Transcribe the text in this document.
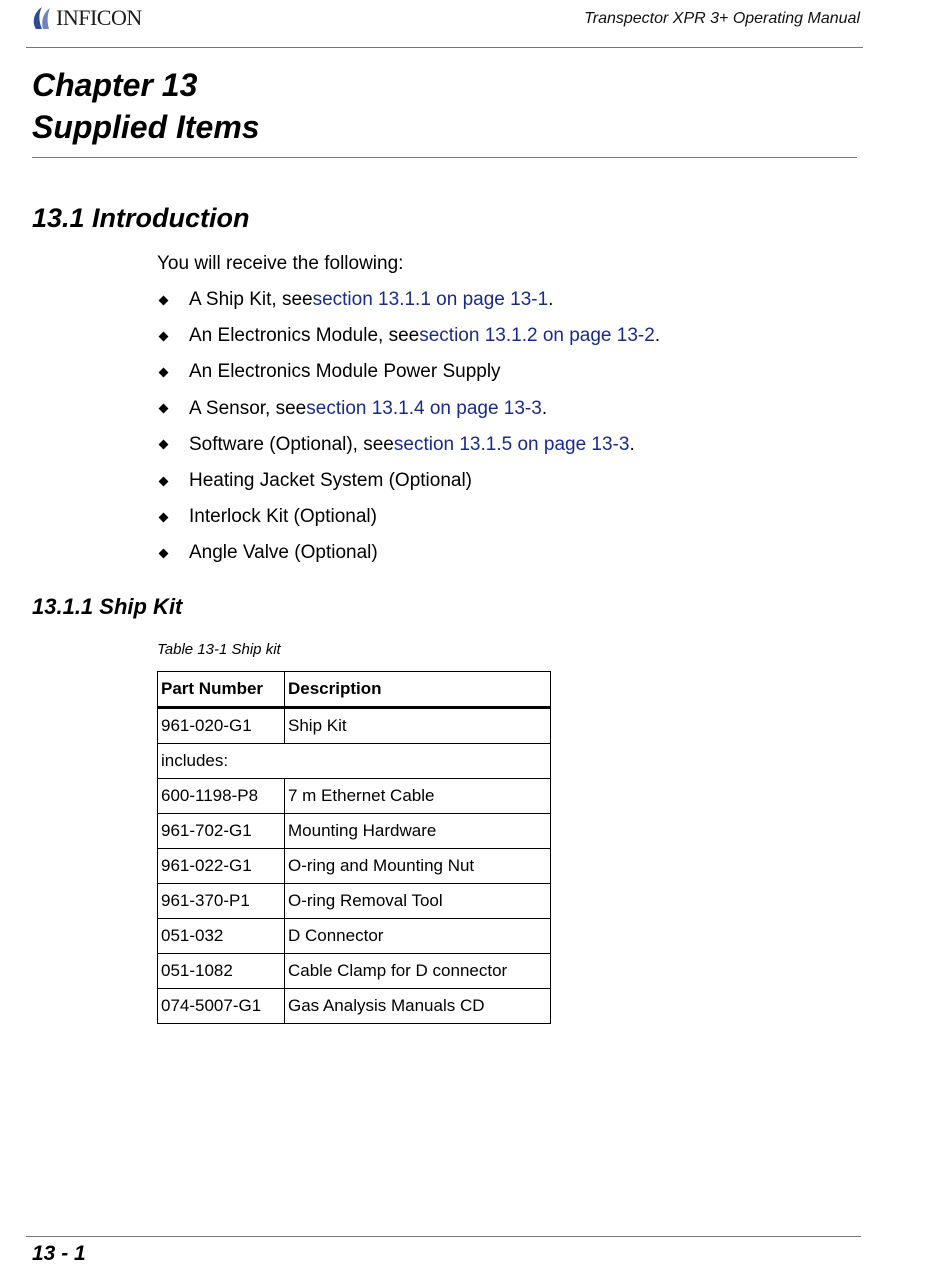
INFICON	Transpector XPR 3+ Operating Manual
Chapter 13
Supplied Items
13.1 Introduction
You will receive the following:
A Ship Kit, see section 13.1.1 on page 13-1 .
An Electronics Module, see section 13.1.2 on page 13-2 .
An Electronics Module Power Supply
A Sensor, see section 13.1.4 on page 13-3 .
Software (Optional), see section 13.1.5 on page 13-3 .
Heating Jacket System (Optional)
Interlock Kit (Optional)
Angle Valve (Optional)
13.1.1 Ship Kit
Table 13-1 Ship kit
Part Number	Description
961-020-G1	Ship Kit
includes:	
600-1198-P8	7 m Ethernet Cable
961-702-G1	Mounting Hardware
961-022-G1	O-ring and Mounting Nut
961-370-P1	O-ring Removal Tool
051-032	D Connector
051-1082	Cable Clamp for D connector
074-5007-G1	Gas Analysis Manuals CD
13 - 1
